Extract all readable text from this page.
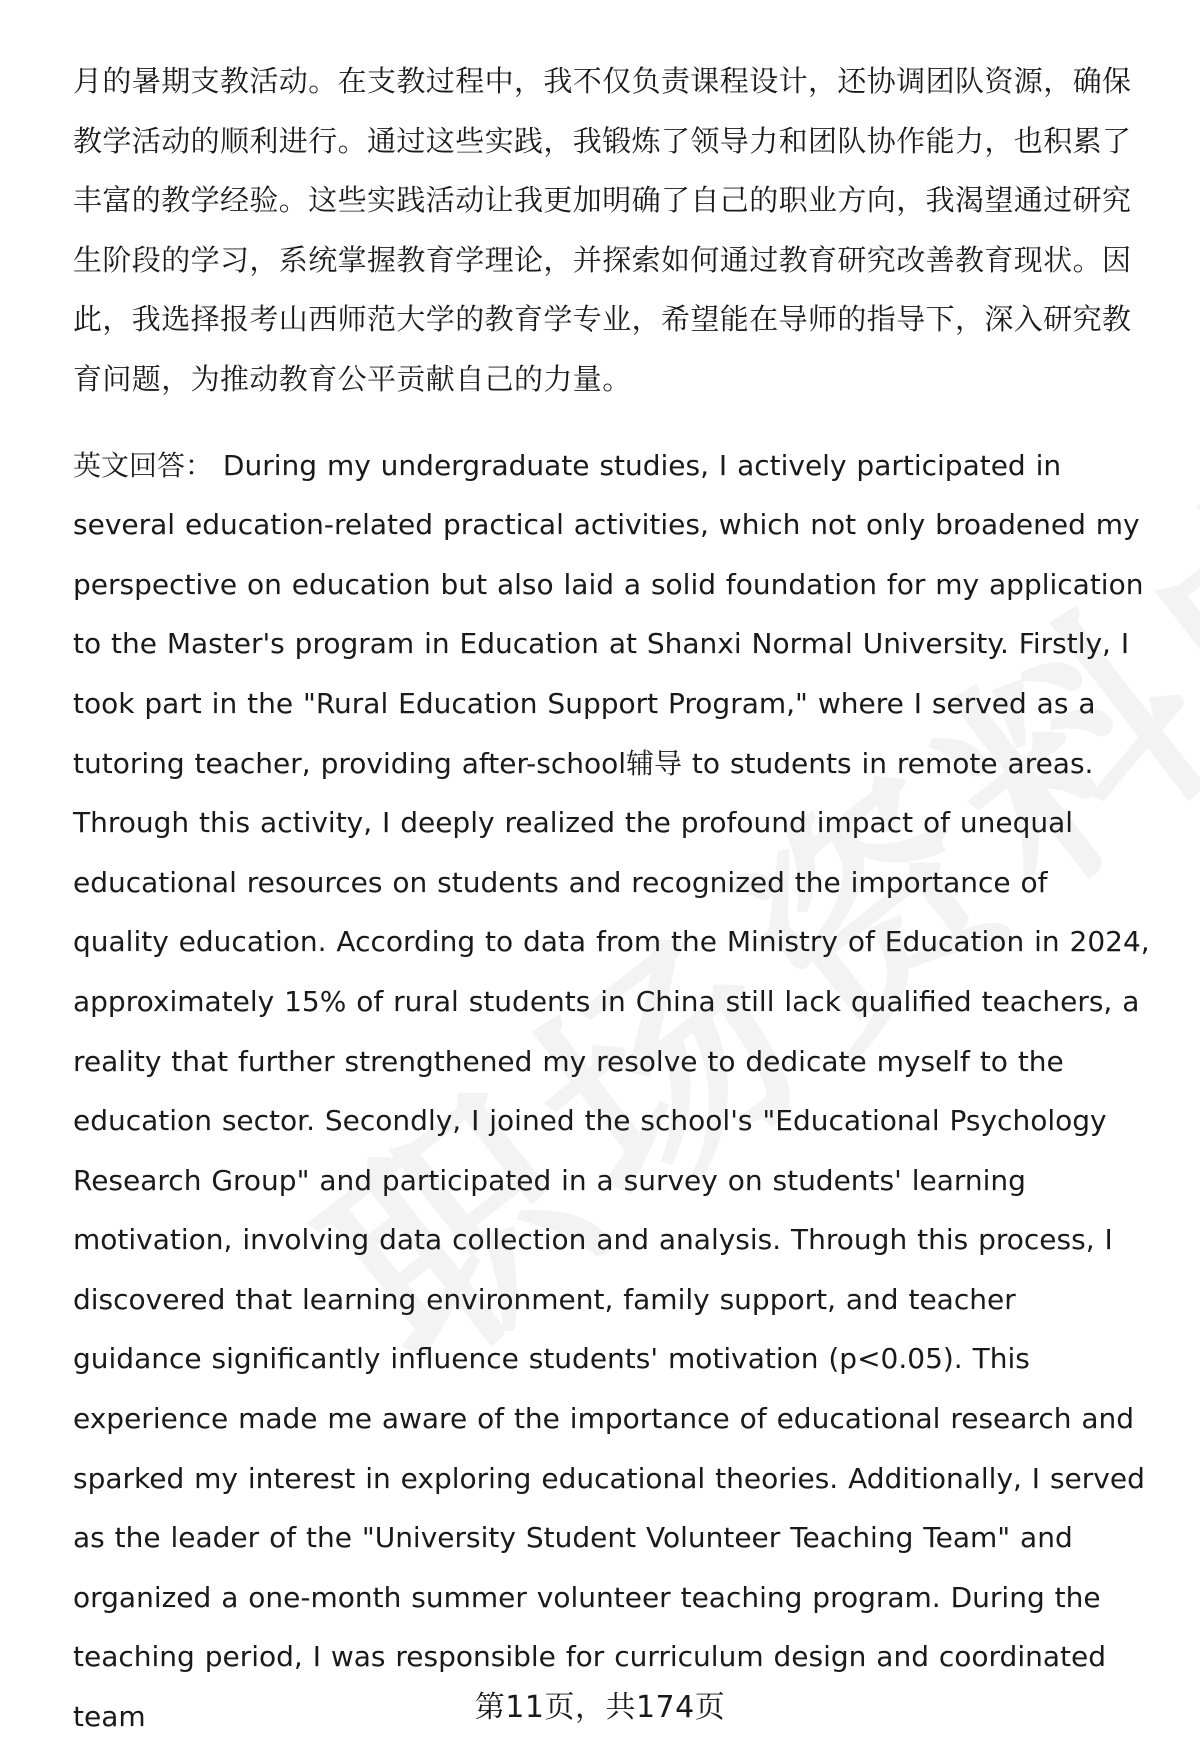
月的暑期支教活动。在支教过程中，我不仅负责课程设计，还协调团队资源，确保教学活动的顺利进行。通过这些实践，我锻炼了领导力和团队协作能力，也积累了丰富的教学经验。这些实践活动让我更加明确了自己的职业方向，我渴望通过研究生阶段的学习，系统掌握教育学理论，并探索如何通过教育研究改善教育现状。因此，我选择报考山西师范大学的教育学专业，希望能在导师的指导下，深入研究教育问题，为推动教育公平贡献自己的力量。

英文回答： During my undergraduate studies, I actively participated in several education-related practical activities, which not only broadened my perspective on education but also laid a solid foundation for my application to the Master's program in Education at Shanxi Normal University. Firstly, I took part in the "Rural Education Support Program," where I served as a tutoring teacher, providing after-school辅导 to students in remote areas. Through this activity, I deeply realized the profound impact of unequal educational resources on students and recognized the importance of quality education. According to data from the Ministry of Education in 2024, approximately 15% of rural students in China still lack qualified teachers, a reality that further strengthened my resolve to dedicate myself to the education sector. Secondly, I joined the school's "Educational Psychology Research Group" and participated in a survey on students' learning motivation, involving data collection and analysis. Through this process, I discovered that learning environment, family support, and teacher guidance significantly influence students' motivation (p<0.05). This experience made me aware of the importance of educational research and sparked my interest in exploring educational theories. Additionally, I served as the leader of the "University Student Volunteer Teaching Team" and organized a one-month summer volunteer teaching program. During the teaching period, I was responsible for curriculum design and coordinated team	第11页，共174页
